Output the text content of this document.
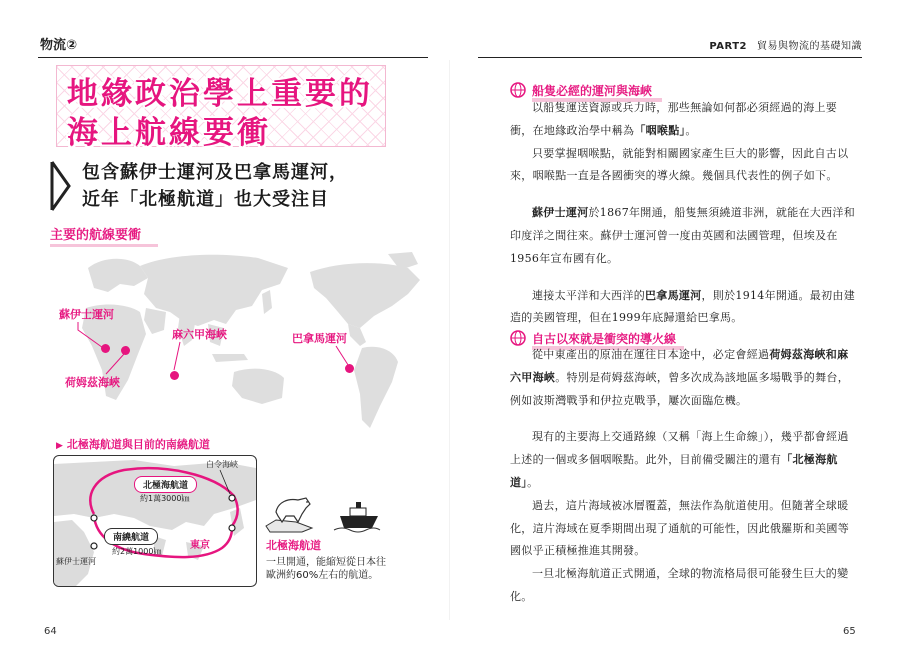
物流②	PART2 貿易與物流的基礎知識
地緣政治學上重要的
海上航線要衝
包含蘇伊士運河及巴拿馬運河，
近年「北極航道」也大受注目
主要的航線要衝
蘇伊士運河
荷姆茲海峽
麻六甲海峽	巴拿馬運河
▶ 北極海航道與目前的南繞航道
白令海峽
北極海航道
約1萬3000㎞
南繞航道
約2萬1000㎞
東京
蘇伊士運河
北極海航道
一旦開通，能縮短從日本往
歐洲約60%左右的航道。
64	65
船隻必經的運河與海峽

以船隻運送資源或兵力時，那些無論如何都必須經過的海上要衝，在地緣政治學中稱為「咽喉點」。

只要掌握咽喉點，就能對相關國家產生巨大的影響，因此自古以來，咽喉點一直是各國衝突的導火線。幾個具代表性的例子如下。

蘇伊士運河於1867年開通，船隻無須繞道非洲，就能在大西洋和印度洋之間往來。蘇伊士運河曾一度由英國和法國管理，但埃及在1956年宣布國有化。

連接太平洋和大西洋的巴拿馬運河，則於1914年開通。最初由建造的美國管理，但在1999年底歸還給巴拿馬。

自古以來就是衝突的導火線

從中東產出的原油在運往日本途中，必定會經過荷姆茲海峽和麻六甲海峽。特別是荷姆茲海峽，曾多次成為該地區多場戰爭的舞台，例如波斯灣戰爭和伊拉克戰爭，屢次面臨危機。

現有的主要海上交通路線（又稱「海上生命線」），幾乎都會經過上述的一個或多個咽喉點。此外，目前備受關注的還有「北極海航道」。

過去，這片海域被冰層覆蓋，無法作為航道使用。但隨著全球暖化，這片海域在夏季期間出現了通航的可能性，因此俄羅斯和美國等國似乎正積極推進其開發。

一旦北極海航道正式開通，全球的物流格局很可能發生巨大的變化。
